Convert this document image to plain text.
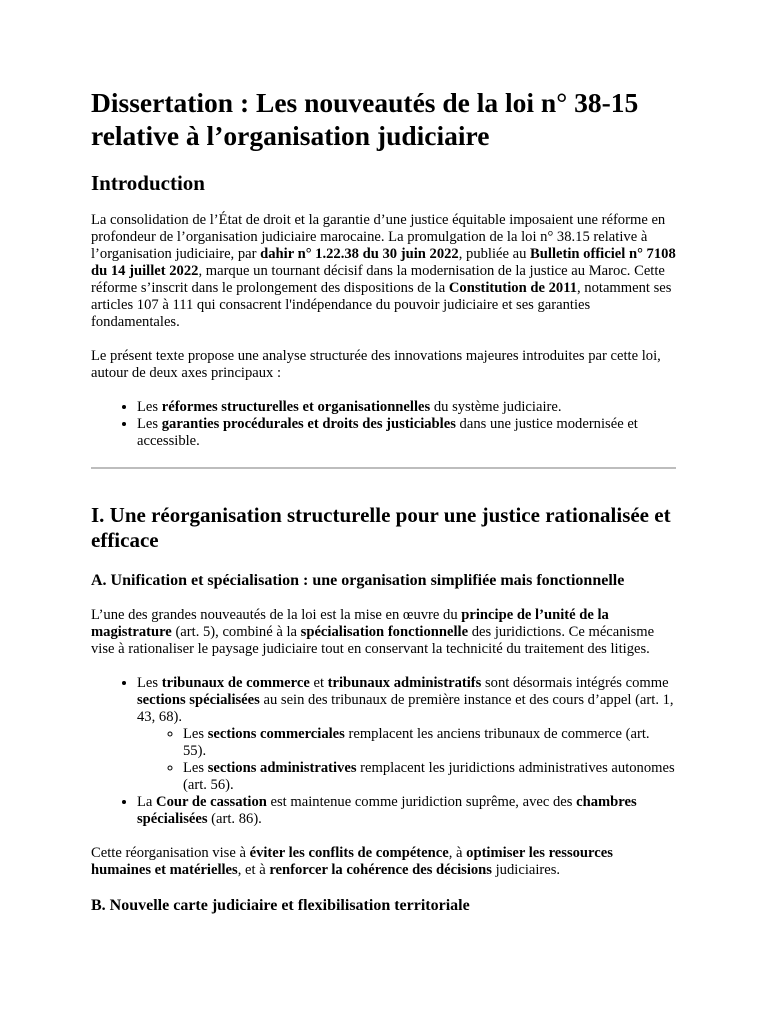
Dissertation : Les nouveautés de la loi n° 38-15 relative à l’organisation judiciaire
Introduction

La consolidation de l’État de droit et la garantie d’une justice équitable imposaient une réforme en profondeur de l’organisation judiciaire marocaine. La promulgation de la loi n° 38.15 relative à l’organisation judiciaire, par dahir n° 1.22.38 du 30 juin 2022, publiée au Bulletin officiel n° 7108 du 14 juillet 2022, marque un tournant décisif dans la modernisation de la justice au Maroc. Cette réforme s’inscrit dans le prolongement des dispositions de la Constitution de 2011, notamment ses articles 107 à 111 qui consacrent l'indépendance du pouvoir judiciaire et ses garanties fondamentales.

Le présent texte propose une analyse structurée des innovations majeures introduites par cette loi, autour de deux axes principaux :

• Les réformes structurelles et organisationnelles du système judiciaire.
• Les garanties procédurales et droits des justiciables dans une justice modernisée et accessible.
I. Une réorganisation structurelle pour une justice rationalisée et efficace
A. Unification et spécialisation : une organisation simplifiée mais fonctionnelle

L’une des grandes nouveautés de la loi est la mise en œuvre du principe de l’unité de la magistrature (art. 5), combiné à la spécialisation fonctionnelle des juridictions. Ce mécanisme vise à rationaliser le paysage judiciaire tout en conservant la technicité du traitement des litiges.

• Les tribunaux de commerce et tribunaux administratifs sont désormais intégrés comme sections spécialisées au sein des tribunaux de première instance et des cours d’appel (art. 1, 43, 68).
◦ Les sections commerciales remplacent les anciens tribunaux de commerce (art. 55).
◦ Les sections administratives remplacent les juridictions administratives autonomes (art. 56).
• La Cour de cassation est maintenue comme juridiction suprême, avec des chambres spécialisées (art. 86).

Cette réorganisation vise à éviter les conflits de compétence, à optimiser les ressources humaines et matérielles, et à renforcer la cohérence des décisions judiciaires.

B. Nouvelle carte judiciaire et flexibilisation territoriale
